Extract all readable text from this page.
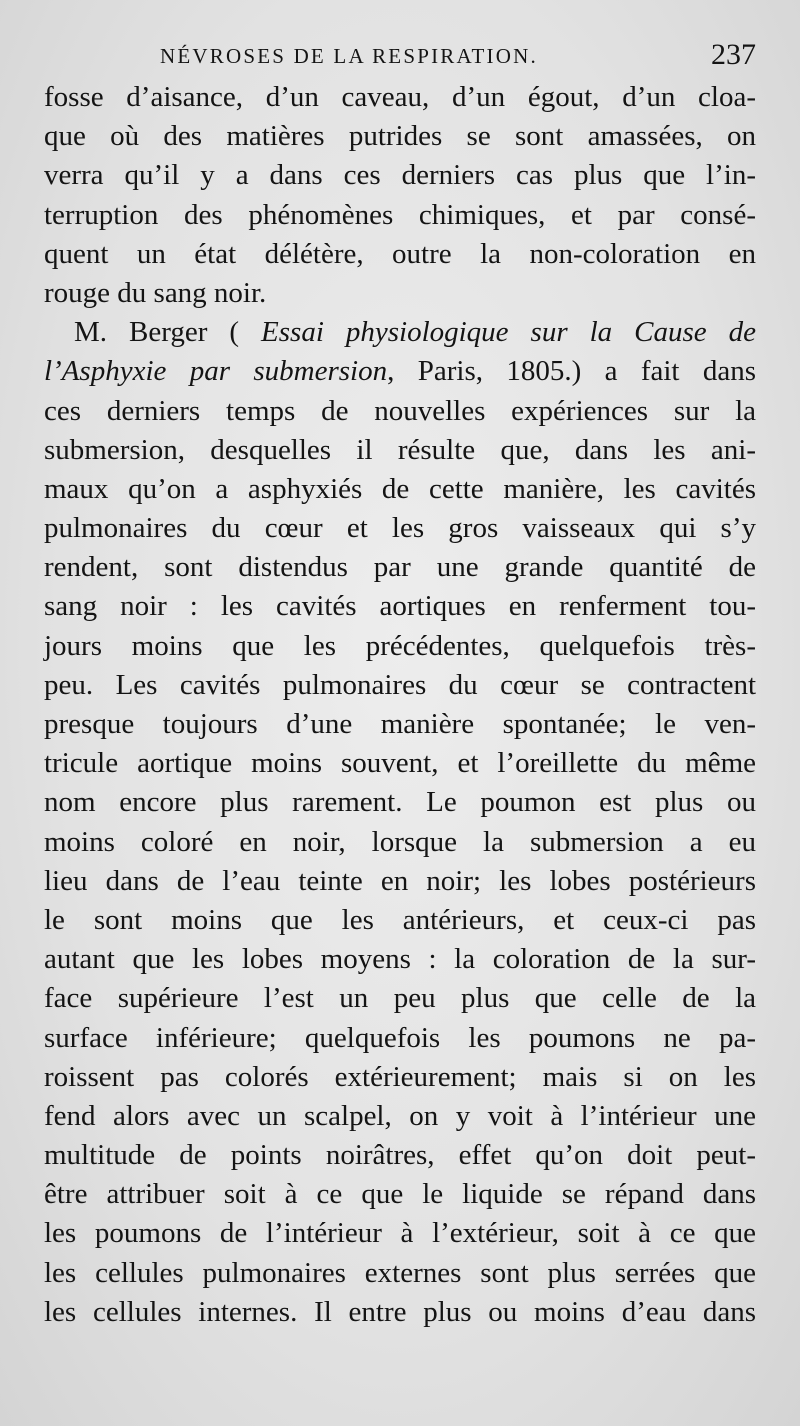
NÉVROSES DE LA RESPIRATION.	237
fosse d’aisance, d’un caveau, d’un égout, d’un cloa-
que où des matières putrides se sont amassées, on
verra qu’il y a dans ces derniers cas plus que l’in-
terruption des phénomènes chimiques, et par consé-
quent un état délétère, outre la non-coloration en
rouge du sang noir.
M. Berger ( Essai physiologique sur la Cause de
l’Asphyxie par submersion, Paris, 1805.) a fait dans
ces derniers temps de nouvelles expériences sur la
submersion, desquelles il résulte que, dans les ani-
maux qu’on a asphyxiés de cette manière, les cavités
pulmonaires du cœur et les gros vaisseaux qui s’y
rendent, sont distendus par une grande quantité de
sang noir : les cavités aortiques en renferment tou-
jours moins que les précédentes, quelquefois très-
peu. Les cavités pulmonaires du cœur se contractent
presque toujours d’une manière spontanée; le ven-
tricule aortique moins souvent, et l’oreillette du même
nom encore plus rarement. Le poumon est plus ou
moins coloré en noir, lorsque la submersion a eu
lieu dans de l’eau teinte en noir; les lobes postérieurs
le sont moins que les antérieurs, et ceux-ci pas
autant que les lobes moyens : la coloration de la sur-
face supérieure l’est un peu plus que celle de la
surface inférieure; quelquefois les poumons ne pa-
roissent pas colorés extérieurement; mais si on les
fend alors avec un scalpel, on y voit à l’intérieur une
multitude de points noirâtres, effet qu’on doit peut-
être attribuer soit à ce que le liquide se répand dans
les poumons de l’intérieur à l’extérieur, soit à ce que
les cellules pulmonaires externes sont plus serrées que
les cellules internes. Il entre plus ou moins d’eau dans
